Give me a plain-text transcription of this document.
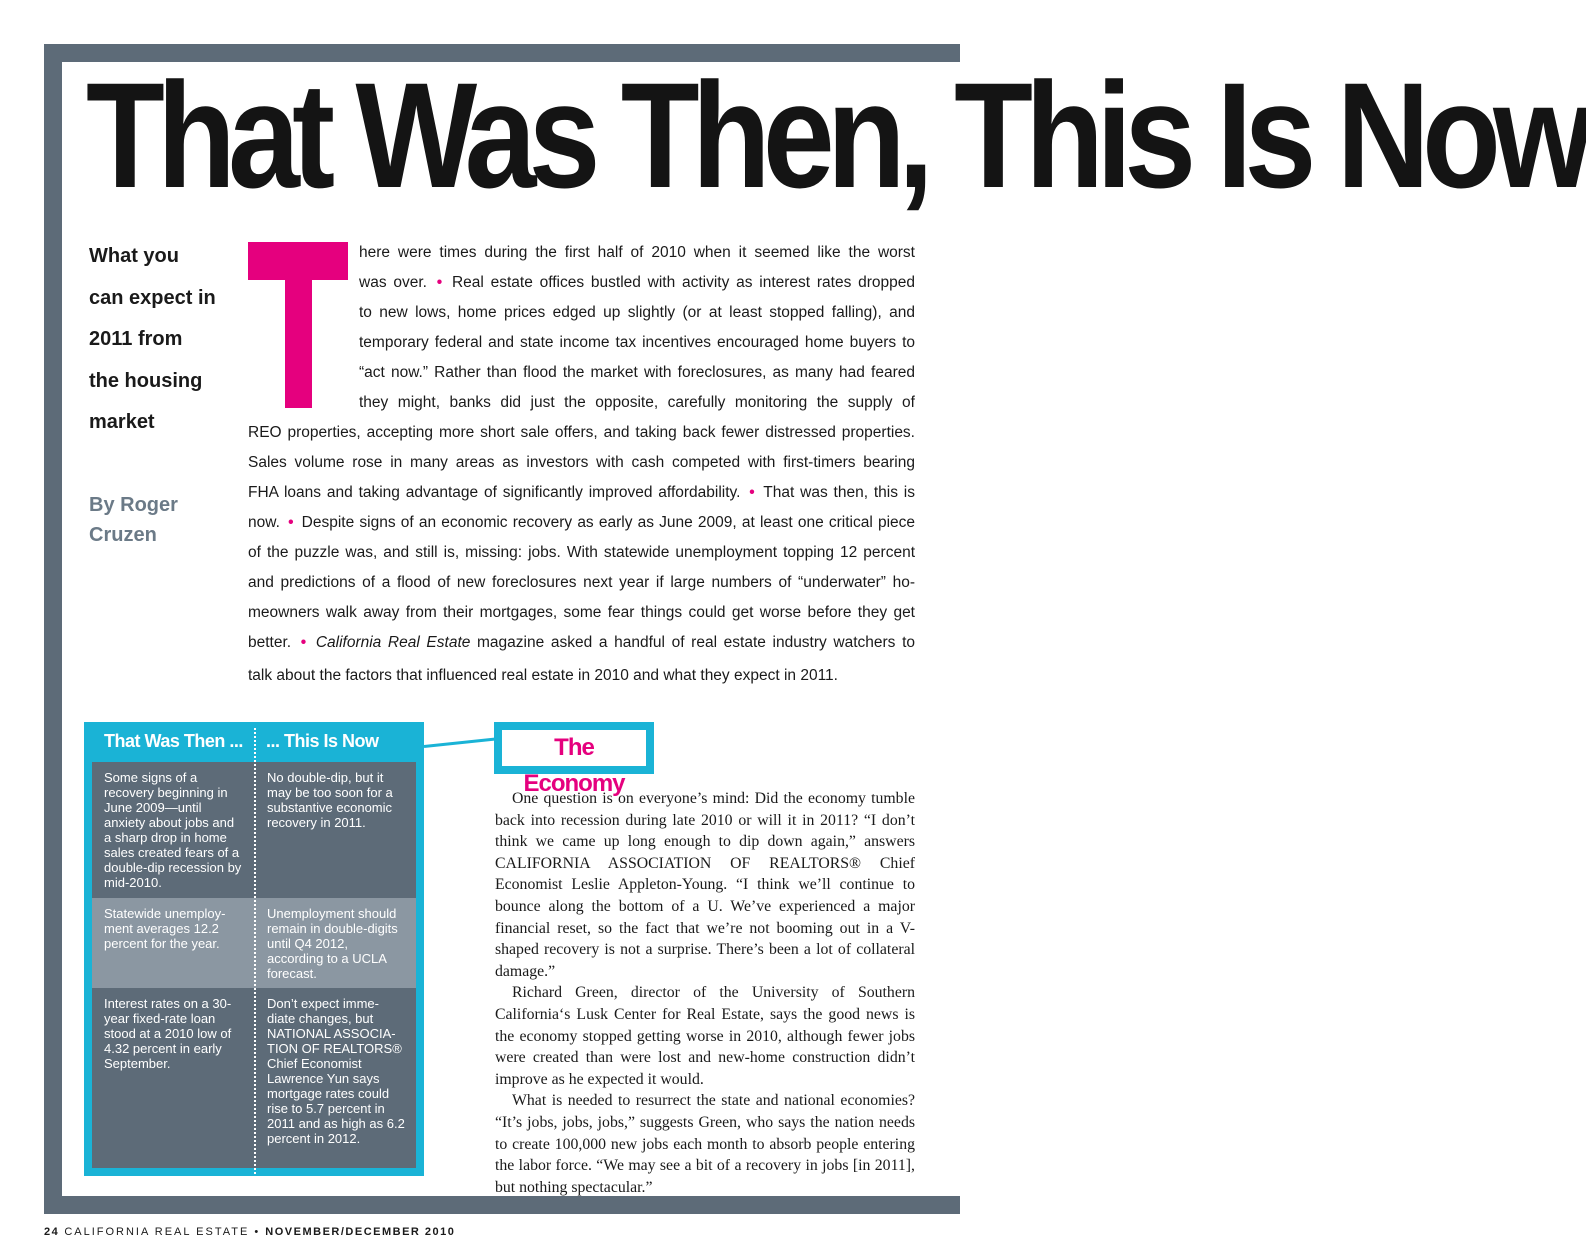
That Was Then, This Is Now
What you
can expect in
2011 from
the housing
market
By Roger
Cruzen
here were times during the first half of 2010 when it seemed like the worst
was over. • Real estate offices bustled with activity as interest rates dropped
to new lows, home prices edged up slightly (or at least stopped falling), and
temporary federal and state income tax incentives encouraged home buyers to
“act now.” Rather than flood the market with foreclosures, as many had feared
they might, banks did just the opposite, carefully monitoring the supply of
REO properties, accepting more short sale offers, and taking back fewer distressed properties.
Sales volume rose in many areas as investors with cash competed with first-timers bearing
FHA loans and taking advantage of significantly improved affordability. • That was then, this is
now. • Despite signs of an economic recovery as early as June 2009, at least one critical piece
of the puzzle was, and still is, missing: jobs. With statewide unemployment topping 12 percent
and predictions of a flood of new foreclosures next year if large numbers of “underwater” ho-
meowners walk away from their mortgages, some fear things could get worse before they get
better. • California Real Estate magazine asked a handful of real estate industry watchers to
talk about the factors that influenced real estate in 2010 and what they expect in 2011.
That Was Then ... ... This Is Now
Some signs of a recovery beginning in June 2009—until anxiety about jobs and a sharp drop in home sales created fears of a double-dip recession by mid-2010.
No double-dip, but it may be too soon for a substantive economic recovery in 2011.
Statewide unemploy-ment averages 12.2 percent for the year.
Unemployment should remain in double-digits until Q4 2012, according to a UCLA forecast.
Interest rates on a 30-year fixed-rate loan stood at a 2010 low of 4.32 percent in early September.
Don’t expect imme-diate changes, but NATIONAL ASSOCIA-TION OF REALTORS® Chief Economist Lawrence Yun says mortgage rates could rise to 5.7 percent in 2011 and as high as 6.2 percent in 2012.
The Economy

One question is on everyone’s mind: Did the economy tumble back into recession during late 2010 or will it in 2011? “I don’t think we came up long enough to dip down again,” answers CALIFORNIA ASSOCIATION OF REALTORS® Chief Economist Leslie Appleton-Young. “I think we’ll continue to bounce along the bottom of a U. We’ve experienced a major financial reset, so the fact that we’re not booming out in a V-shaped recovery is not a surprise. There’s been a lot of collateral damage.”

Richard Green, director of the University of Southern California‘s Lusk Center for Real Estate, says the good news is the economy stopped getting worse in 2010, although fewer jobs were created than were lost and new-home construction didn’t improve as he expected it would.

What is needed to resurrect the state and national economies? “It’s jobs, jobs, jobs,” suggests Green, who says the nation needs to create 100,000 new jobs each month to absorb people entering the labor force. “We may see a bit of a recovery in jobs [in 2011], but nothing spectacular.”

24 CALIFORNIA REAL ESTATE • NOVEMBER/DECEMBER 2010
